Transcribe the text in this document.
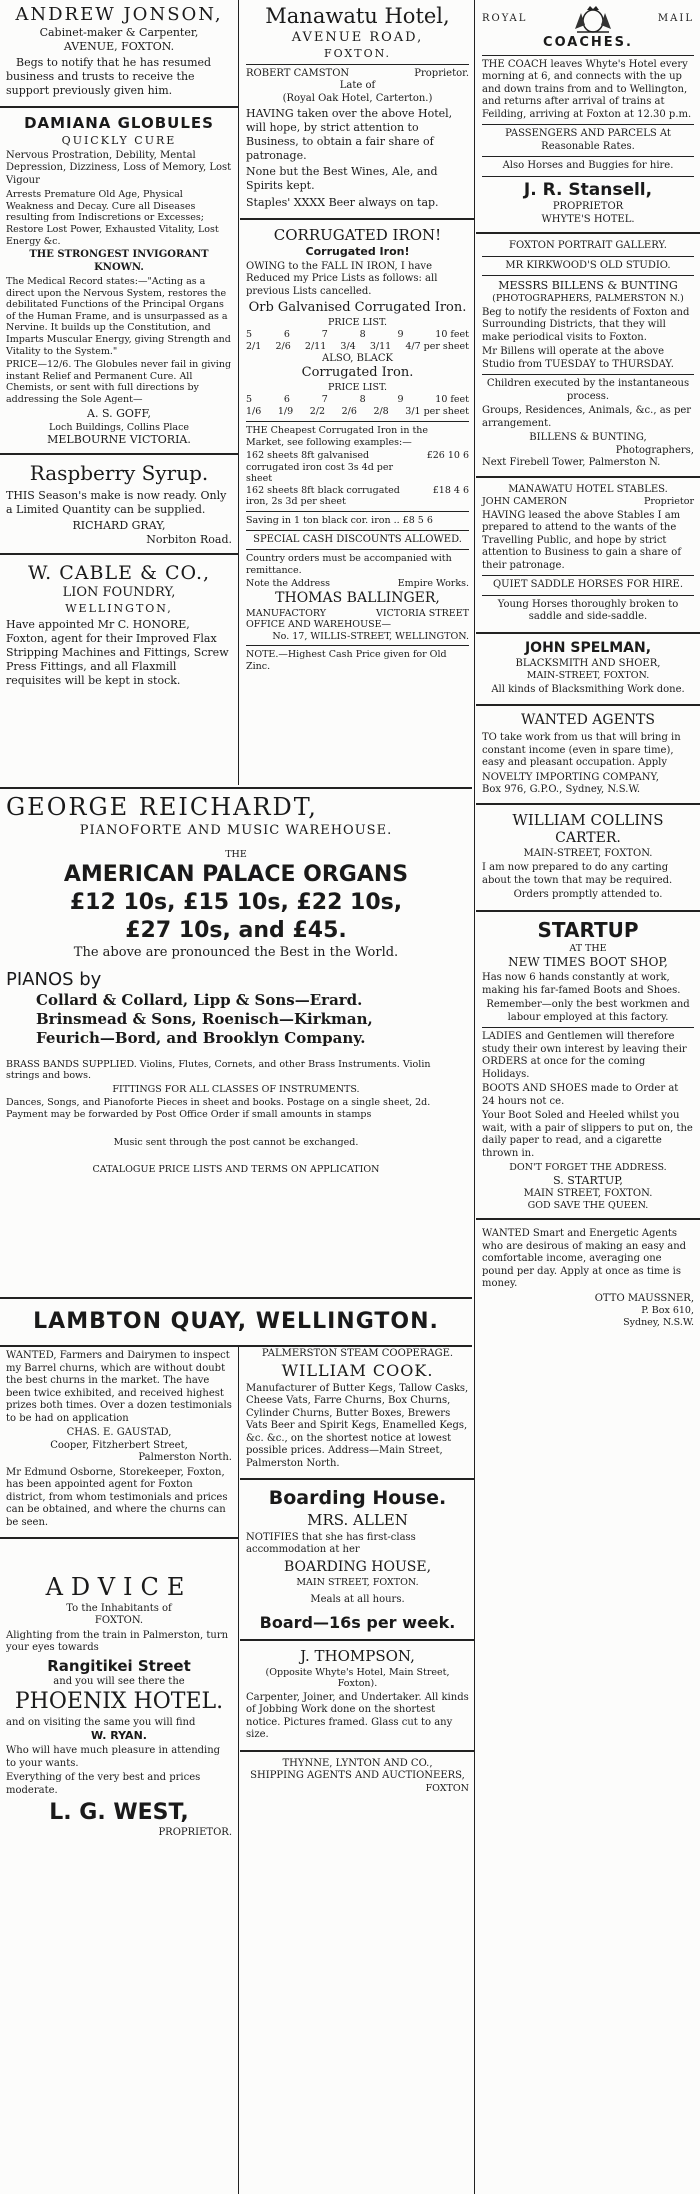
ANDREW JONSON,
Cabinet-maker & Carpenter,
AVENUE, FOXTON.

Begs to notify that he has resumed business and trusts to receive the support previously given him.

DAMIANA GLOBULES
QUICKLY CURE

Nervous Prostration, Debility, Mental Depression, Dizziness, Loss of Memory, Lost Vigour

Arrests Premature Old Age, Physical Weakness and Decay. Cure all Diseases resulting from Indiscretions or Excesses; Restore Lost Power, Exhausted Vitality, Lost Energy &c.

THE STRONGEST INVIGORANT KNOWN.

The Medical Record states:—"Acting as a direct upon the Nervous System, restores the debilitated Functions of the Principal Organs of the Human Frame, and is unsurpassed as a Nervine. It builds up the Constitution, and Imparts Muscular Energy, giving Strength and Vitality to the System."

PRICE—12/6. The Globules never fail in giving instant Relief and Permanent Cure. All Chemists, or sent with full directions by addressing the Sole Agent—

A. S. GOFF,
Loch Buildings, Collins Place
MELBOURNE VICTORIA.
Raspberry Syrup.

THIS Season's make is now ready. Only a Limited Quantity can be supplied.

RICHARD GRAY,
Norbiton Road.
W. CABLE & CO.,
LION FOUNDRY,
WELLINGTON,

Have appointed Mr C. HONORE, Foxton, agent for their Improved Flax Stripping Machines and Fittings, Screw Press Fittings, and all Flaxmill requisites will be kept in stock.

Manawatu Hotel,
AVENUE ROAD,
FOXTON.
ROBERT CAMSTON	Proprietor.
Late of
(Royal Oak Hotel, Carterton.)

HAVING taken over the above Hotel, will hope, by strict attention to Business, to obtain a fair share of patronage.

None but the Best Wines, Ale, and Spirits kept.

Staples' XXXX Beer always on tap.

CORRUGATED IRON!
Corrugated Iron!

OWING to the FALL IN IRON, I have Reduced my Price Lists as follows: all previous Lists cancelled.

Orb Galvanised Corrugated Iron.
PRICE LIST.
5	6	7	8	9	10 feet
2/1 2/6 2/11 3/4 3/11 4/7 per sheet
ALSO, BLACK
Corrugated Iron.
PRICE LIST.
5	6	7	8	9	10 feet
1/6 1/9 2/2 2/6 2/8 3/1 per sheet

THE Cheapest Corrugated Iron in the Market, see following examples:—

162 sheets 8ft galvanised corrugated iron cost 3s 4d per sheet
£26 10 6
162 sheets 8ft black corrugated iron, 2s 3d per sheet
£18 4 6
Saving in 1 ton black cor. iron .. £8 5 6
SPECIAL CASH DISCOUNTS ALLOWED.

Country orders must be accompanied with remittance.

Note the Address	Empire Works.
THOMAS BALLINGER,
MANUFACTORY	VICTORIA STREET
OFFICE AND WAREHOUSE—
No. 17, WILLIS-STREET, WELLINGTON.
NOTE.—Highest Cash Price given for Old Zinc.
ROYAL	MAIL
COACHES.

THE COACH leaves Whyte's Hotel every morning at 6, and connects with the up and down trains from and to Wellington, and returns after arrival of trains at Feilding, arriving at Foxton at 12.30 p.m.

PASSENGERS AND PARCELS At Reasonable Rates.
Also Horses and Buggies for hire.
J. R. Stansell,
PROPRIETOR
WHYTE'S HOTEL.
FOXTON PORTRAIT GALLERY.
MR KIRKWOOD'S OLD STUDIO.
MESSRS BILLENS & BUNTING
(PHOTOGRAPHERS, PALMERSTON N.)

Beg to notify the residents of Foxton and Surrounding Districts, that they will make periodical visits to Foxton.

Mr Billens will operate at the above Studio from TUESDAY to THURSDAY.

Children executed by the instantaneous process.

Groups, Residences, Animals, &c., as per arrangement.

BILLENS & BUNTING,
Photographers,
Next Firebell Tower, Palmerston N.
MANAWATU HOTEL STABLES.
JOHN CAMERON	Proprietor

HAVING leased the above Stables I am prepared to attend to the wants of the Travelling Public, and hope by strict attention to Business to gain a share of their patronage.

QUIET SADDLE HORSES FOR HIRE.

Young Horses thoroughly broken to saddle and side-saddle.

JOHN SPELMAN,
BLACKSMITH AND SHOER,
MAIN-STREET, FOXTON.

All kinds of Blacksmithing Work done.

WANTED AGENTS

TO take work from us that will bring in constant income (even in spare time), easy and pleasant occupation. Apply

NOVELTY IMPORTING COMPANY,
Box 976, G.P.O., Sydney, N.S.W.
WILLIAM COLLINS
CARTER.
MAIN-STREET, FOXTON.

I am now prepared to do any carting about the town that may be required.

Orders promptly attended to.

STARTUP
AT THE
NEW TIMES BOOT SHOP,

Has now 6 hands constantly at work, making his far-famed Boots and Shoes.

Remember—only the best workmen and labour employed at this factory.

LADIES and Gentlemen will therefore study their own interest by leaving their ORDERS at once for the coming Holidays.

BOOTS AND SHOES made to Order at 24 hours not ce.

Your Boot Soled and Heeled whilst you wait, with a pair of slippers to put on, the daily paper to read, and a cigarette thrown in.

DON'T FORGET THE ADDRESS.
S. STARTUP,
MAIN STREET, FOXTON.
GOD SAVE THE QUEEN.

WANTED Smart and Energetic Agents who are desirous of making an easy and comfortable income, averaging one pound per day. Apply at once as time is money.

OTTO MAUSSNER,
P. Box 610,
Sydney, N.S.W.
GEORGE REICHARDT,
PIANOFORTE AND MUSIC WAREHOUSE.
THE
AMERICAN PALACE ORGANS
£12 10s, £15 10s, £22 10s,
£27 10s, and £45.
The above are pronounced the Best in the World.
PIANOS by
Collard & Collard, Lipp & Sons—Erard.
Brinsmead & Sons, Roenisch—Kirkman,
Feurich—Bord, and Brooklyn Company.

BRASS BANDS SUPPLIED. Violins, Flutes, Cornets, and other Brass Instruments. Violin strings and bows.

FITTINGS FOR ALL CLASSES OF INSTRUMENTS.

Dances, Songs, and Pianoforte Pieces in sheet and books. Postage on a single sheet, 2d. Payment may be forwarded by Post Office Order if small amounts in stamps

Music sent through the post cannot be exchanged.
CATALOGUE PRICE LISTS AND TERMS ON APPLICATION
LAMBTON QUAY, WELLINGTON.

WANTED, Farmers and Dairymen to inspect my Barrel churns, which are without doubt the best churns in the market. The have been twice exhibited, and received highest prizes both times. Over a dozen testimonials to be had on application

CHAS. E. GAUSTAD,
Cooper, Fitzherbert Street,
Palmerston North.

Mr Edmund Osborne, Storekeeper, Foxton, has been appointed agent for Foxton district, from whom testimonials and prices can be obtained, and where the churns can be seen.

ADVICE
To the Inhabitants of
FOXTON.

Alighting from the train in Palmerston, turn your eyes towards

Rangitikei Street
and you will see there the
PHOENIX HOTEL.
and on visiting the same you will find
W. RYAN.

Who will have much pleasure in attending to your wants.

Everything of the very best and prices moderate.

L. G. WEST,
PROPRIETOR.
PALMERSTON STEAM COOPERAGE.
WILLIAM COOK.

Manufacturer of Butter Kegs, Tallow Casks, Cheese Vats, Farre Churns, Box Churns, Cylinder Churns, Butter Boxes, Brewers Vats Beer and Spirit Kegs, Enamelled Kegs, &c. &c., on the shortest notice at lowest possible prices. Address—Main Street, Palmerston North.

Boarding House.
MRS. ALLEN

NOTIFIES that she has first-class accommodation at her

BOARDING HOUSE,
MAIN STREET, FOXTON.
Meals at all hours.
Board—16s per week.
J. THOMPSON,
(Opposite Whyte's Hotel, Main Street, Foxton).

Carpenter, Joiner, and Undertaker. All kinds of Jobbing Work done on the shortest notice. Pictures framed. Glass cut to any size.

THYNNE, LYNTON AND CO.,
SHIPPING AGENTS AND AUCTIONEERS,
FOXTON
